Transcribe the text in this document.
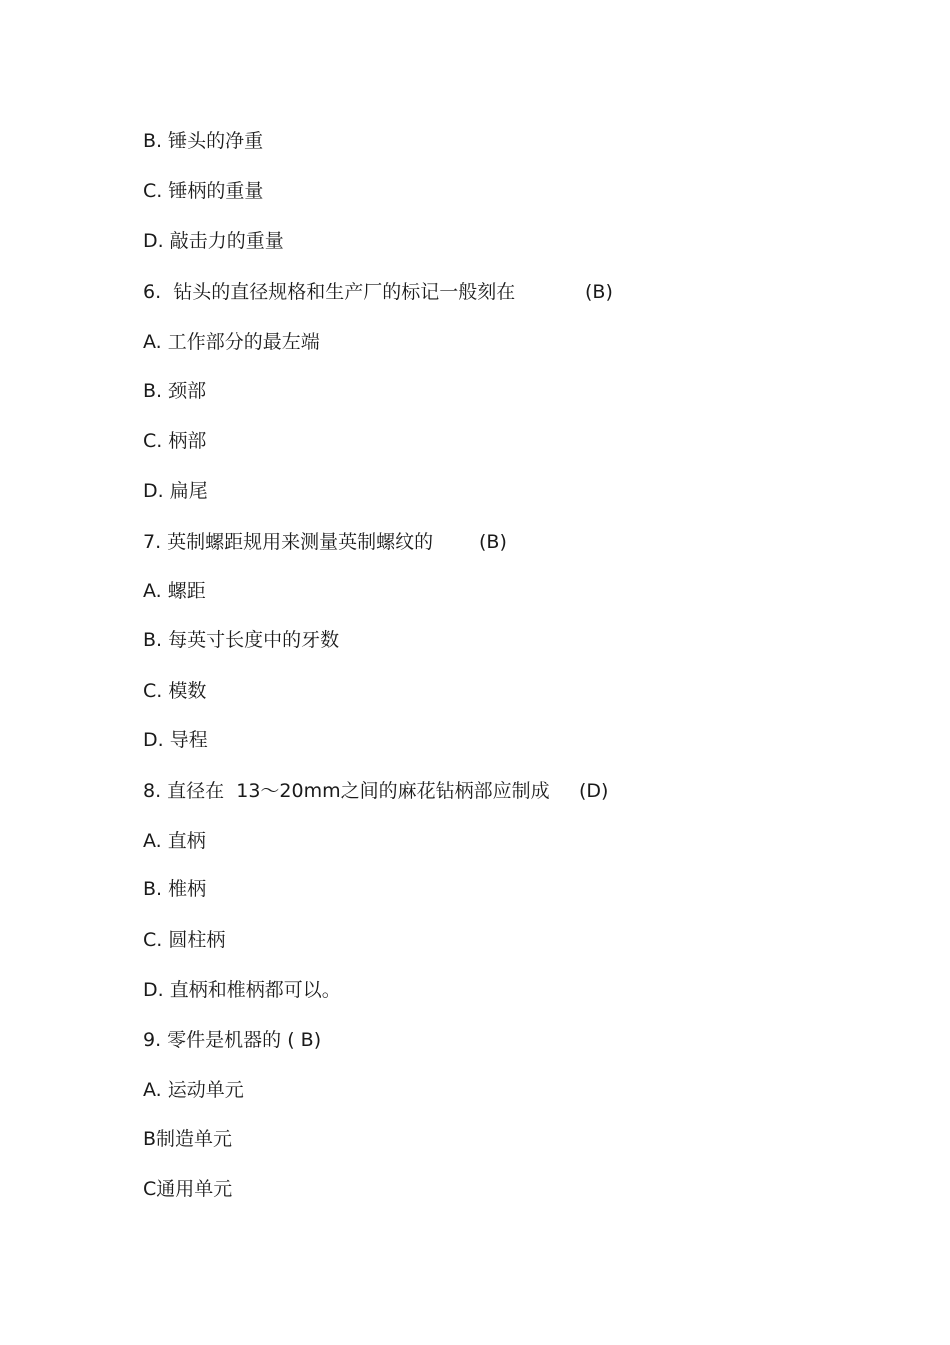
B. 锤头的净重
C. 锤柄的重量
D. 敲击力的重量
6.  钻头的直径规格和生产厂的标记一般刻在	(B)
A. 工作部分的最左端
B. 颈部
C. 柄部
D. 扁尾
7. 英制螺距规用来测量英制螺纹的 (B)
A. 螺距
B. 每英寸长度中的牙数
C. 模数
D. 导程
8. 直径在  13～20mm之间的麻花钻柄部应制成 (D)
A. 直柄
B. 椎柄
C. 圆柱柄
D. 直柄和椎柄都可以。
9. 零件是机器的 ( B)
A. 运动单元
B制造单元
C通用单元
